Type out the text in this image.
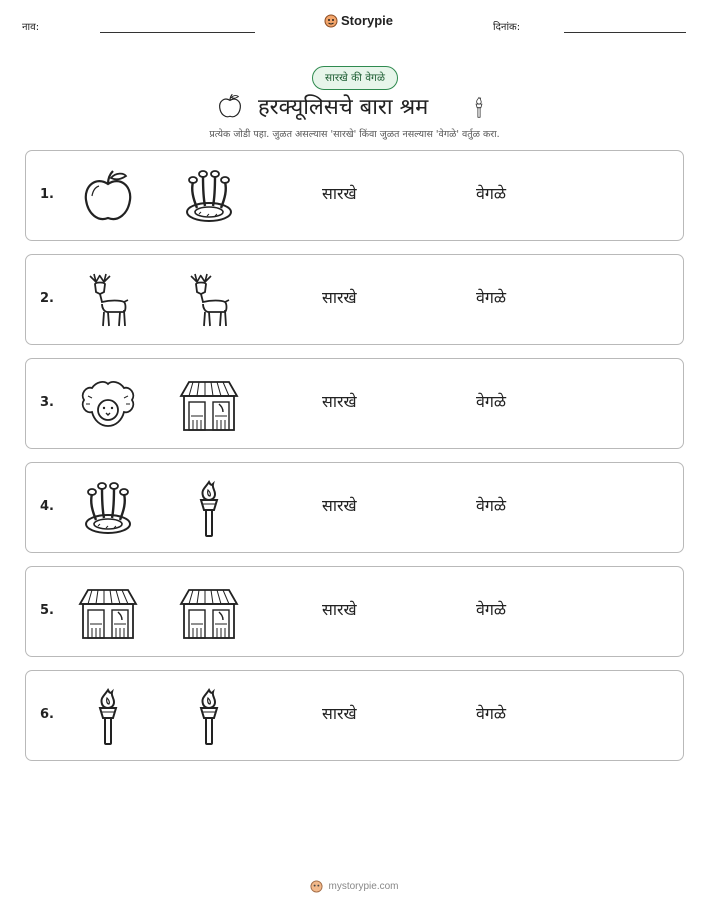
नाव:	Storypie	दिनांक:
सारखे की वेगळे
हरक्यूलिसचे बारा श्रम
प्रत्येक जोडी पहा. जुळत असल्यास 'सारखे' किंवा जुळत नसल्यास 'वेगळे' वर्तुळ करा.
1.	सारखे	वेगळे
2.	सारखे	वेगळे
3.	सारखे	वेगळे
4.	सारखे	वेगळे
5.	सारखे	वेगळे
6.	सारखे	वेगळे
mystorypie.com
